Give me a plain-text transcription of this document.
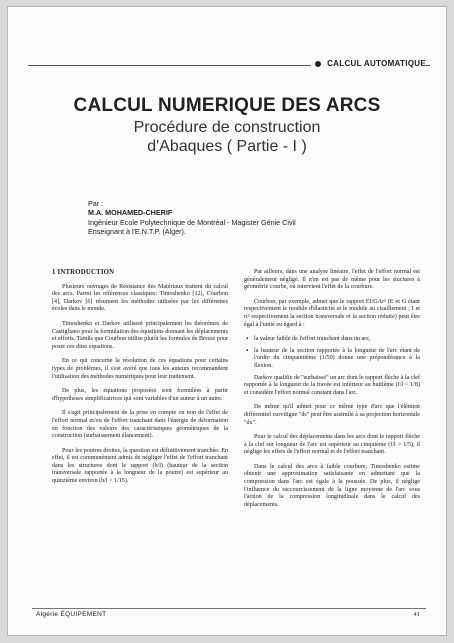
CALCUL AUTOMATIQUE
CALCUL NUMERIQUE DES ARCS
Procédure de construction
d'Abaques ( Partie - I )
Par :
M.A. MOHAMED-CHERIF
Ingénieur Ecole Polytechnique de Montréal - Magister Génie Civil
Enseignant à l'E.N.T.P. (Alger).
1 INTRODUCTION

Plusieurs ouvrages de Résistance des Matériaux traitent du calcul des arcs. Parmi les références classiques: Timoshenko [12], Courbon [4], Darkov [6] résument les méthodes utilisées par les différentes écoles dans le monde.

Timoshenko et Darkov utilisent principalement les théorèmes de Castigliano pour la formulation des équations donnant les déplacements et efforts. Tandis que Courbon utilise plutôt les formules de Bresse pour poser ces dites équations.

En ce qui concerne la résolution de ces équations pour certains types de problèmes, il s'est avéré que tous les auteurs recommandent l'utilisation des méthodes numériques pour leur traitement.

De plus, les équations proposées sont formulées à partir d'hypothèses simplificatrices qui sont variables d'un auteur à un autre.

Il s'agit principalement de la prise en compte ou non de l'effet de l'effort normal et/ou de l'effort tranchant dans l'énergie de déformation en fonction des valeurs des caractéristiques géométriques de la construction (surbaissement élancement).

Pour les poutres droites, la question est définitivement tranchée. En effet, il est communément admis de négliger l'effet de l'effort tranchant dans les structures dont le rapport (h/l) (hauteur de la section transversale rapportée à la longueur de la poutre) est supérieur au quinzième environ (h/l > 1/15).

Par ailleurs, dans une analyse linéaire, l'effet de l'effort normal est généralement négligé. Il n'en est pas de même pour les stuctures à géométrie courbe, où intervient l'effet de la courbure.

Courbon, par exemple, admet que le rapport EI/GAr² (E et G étant respectivement le module d'élasticité et le module au cisaillement ; I et ri² respectivement la section transversale et la section réduite) peut être égal à l'unité eu égard à :

▪ la valeur faible de l'effort tranchant dans un arc,

▪ la hauteur de la section rapportée à la longueur de l'arc étant de l'ordre du cinquantième (1/50) donne une prépondérance à la flexion.

Darkov qualifie de "surbaissé" un arc dont le rapport flèche à la clef rapportée à la longueur de la travée est inférieur au huitième (f/l < 1/8) et considère l'effort normal constant dans l'arc.

De même qu'il admet pour ce même type d'arc que l'élément différentiel curviligne "ds" peut être assimilé à sa projection horizontale "dx".

Pour le calcul des déplacements dans les arcs dont le rapport flèche à la clef sur longueur de l'arc est supérieur au cinquième (f/l > 1/5), il néglige les effets de l'effort normal et de l'effort tranchant.

Dans le calcul des arcs à faible courbure, Timoshenko estime obtenir une approximation satisfaisante en admettant que la compression dans l'arc est égale à la poussée. De plus, il néglige l'influence du raccourcissement de la ligne moyenne de l'arc sous l'action de la compression longitudinale dans le calcul des déplacements.

Algérie ÉQUIPEMENT	41
